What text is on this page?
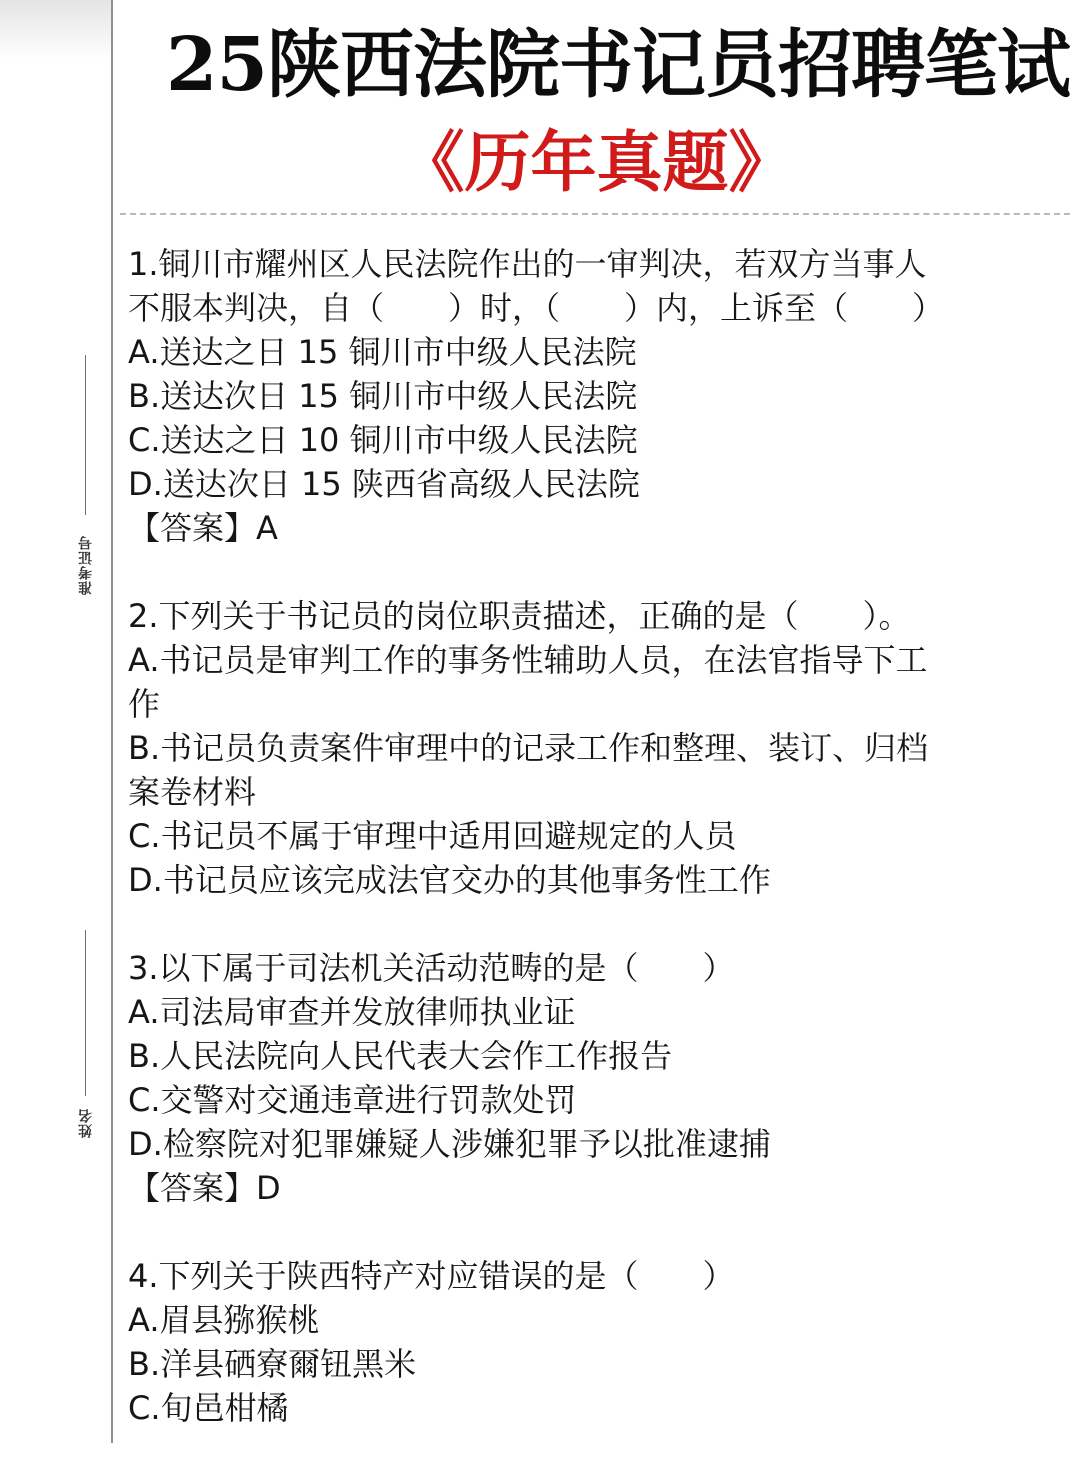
准考证号
姓名
25陕西法院书记员招聘笔试
《历年真题》
1.铜川市耀州区人民法院作出的一审判决，若双方当事人
不服本判决，自（　　）时，（　　）内，上诉至（　　）
A.送达之日 15 铜川市中级人民法院
B.送达次日 15 铜川市中级人民法院
C.送达之日 10 铜川市中级人民法院
D.送达次日 15 陕西省高级人民法院
【答案】A
2.下列关于书记员的岗位职责描述，正确的是（　　）。
A.书记员是审判工作的事务性辅助人员，在法官指导下工
作
B.书记员负责案件审理中的记录工作和整理、装订、归档
案卷材料
C.书记员不属于审理中适用回避规定的人员
D.书记员应该完成法官交办的其他事务性工作
3.以下属于司法机关活动范畴的是（　　）
A.司法局审查并发放律师执业证
B.人民法院向人民代表大会作工作报告
C.交警对交通违章进行罚款处罚
D.检察院对犯罪嫌疑人涉嫌犯罪予以批准逮捕
【答案】D
4.下列关于陕西特产对应错误的是（　　）
A.眉县猕猴桃
B.洋县硒寮爾钮黑米
C.旬邑柑橘
